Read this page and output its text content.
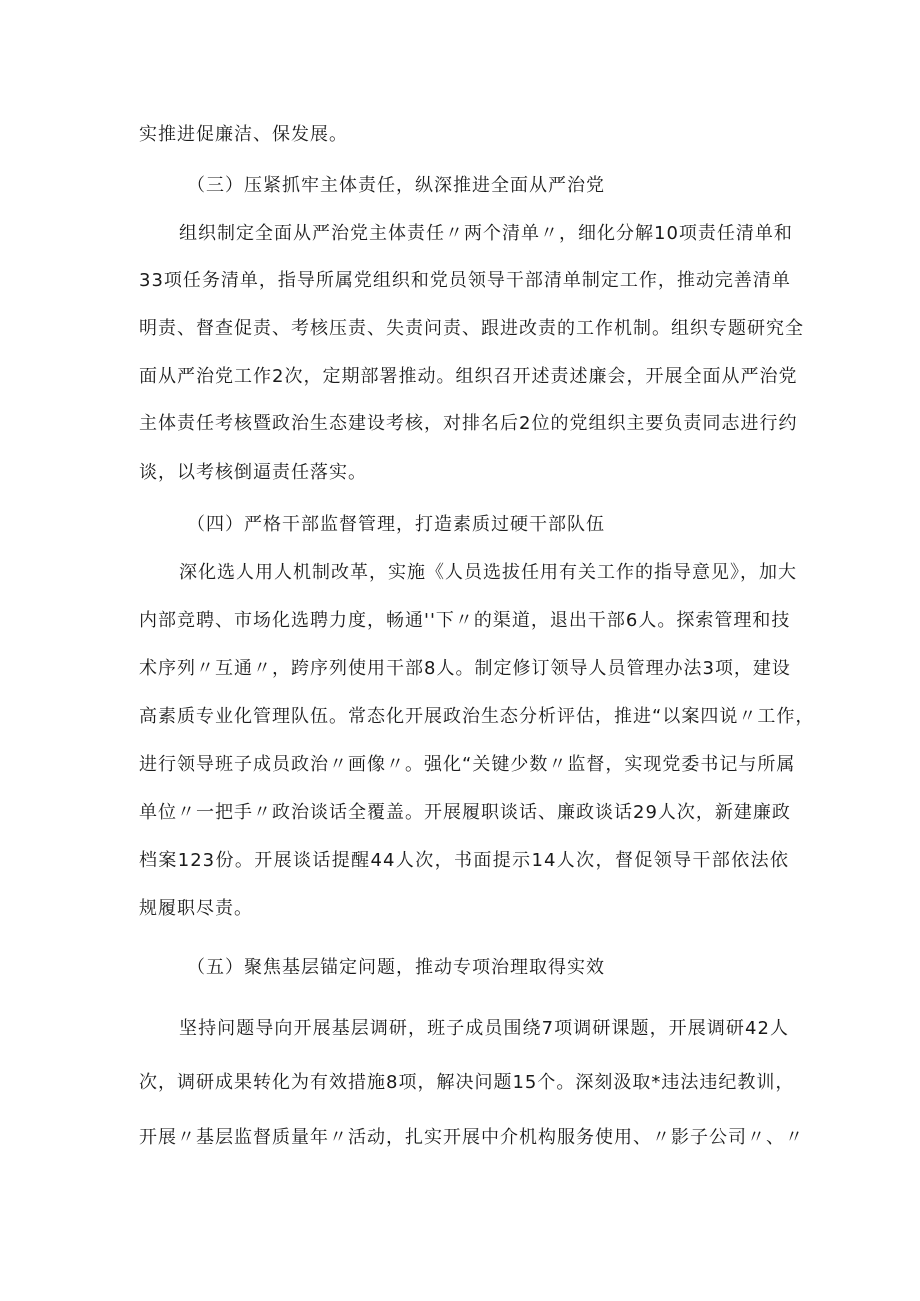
实推进促廉洁、保发展。
（三）压紧抓牢主体责任，纵深推进全面从严治党
组织制定全面从严治党主体责任〃两个清单〃，细化分解10项责任清单和
33项任务清单，指导所属党组织和党员领导干部清单制定工作，推动完善清单
明责、督查促责、考核压责、失责问责、跟进改责的工作机制。组织专题研究全
面从严治党工作2次，定期部署推动。组织召开述责述廉会，开展全面从严治党
主体责任考核暨政治生态建设考核，对排名后2位的党组织主要负责同志进行约
谈，以考核倒逼责任落实。
（四）严格干部监督管理，打造素质过硬干部队伍
深化选人用人机制改革，实施《人员选拔任用有关工作的指导意见》，加大
内部竞聘、市场化选聘力度，畅通''下〃的渠道，退出干部6人。探索管理和技
术序列〃互通〃，跨序列使用干部8人。制定修订领导人员管理办法3项，建设
高素质专业化管理队伍。常态化开展政治生态分析评估，推进“以案四说〃工作，
进行领导班子成员政治〃画像〃。强化“关键少数〃监督，实现党委书记与所属
单位〃一把手〃政治谈话全覆盖。开展履职谈话、廉政谈话29人次，新建廉政
档案123份。开展谈话提醒44人次，书面提示14人次，督促领导干部依法依
规履职尽责。
（五）聚焦基层锚定问题，推动专项治理取得实效
坚持问题导向开展基层调研，班子成员围绕7项调研课题，开展调研42人
次，调研成果转化为有效措施8项，解决问题15个。深刻汲取*违法违纪教训，
开展〃基层监督质量年〃活动，扎实开展中介机构服务使用、〃影子公司〃、〃
